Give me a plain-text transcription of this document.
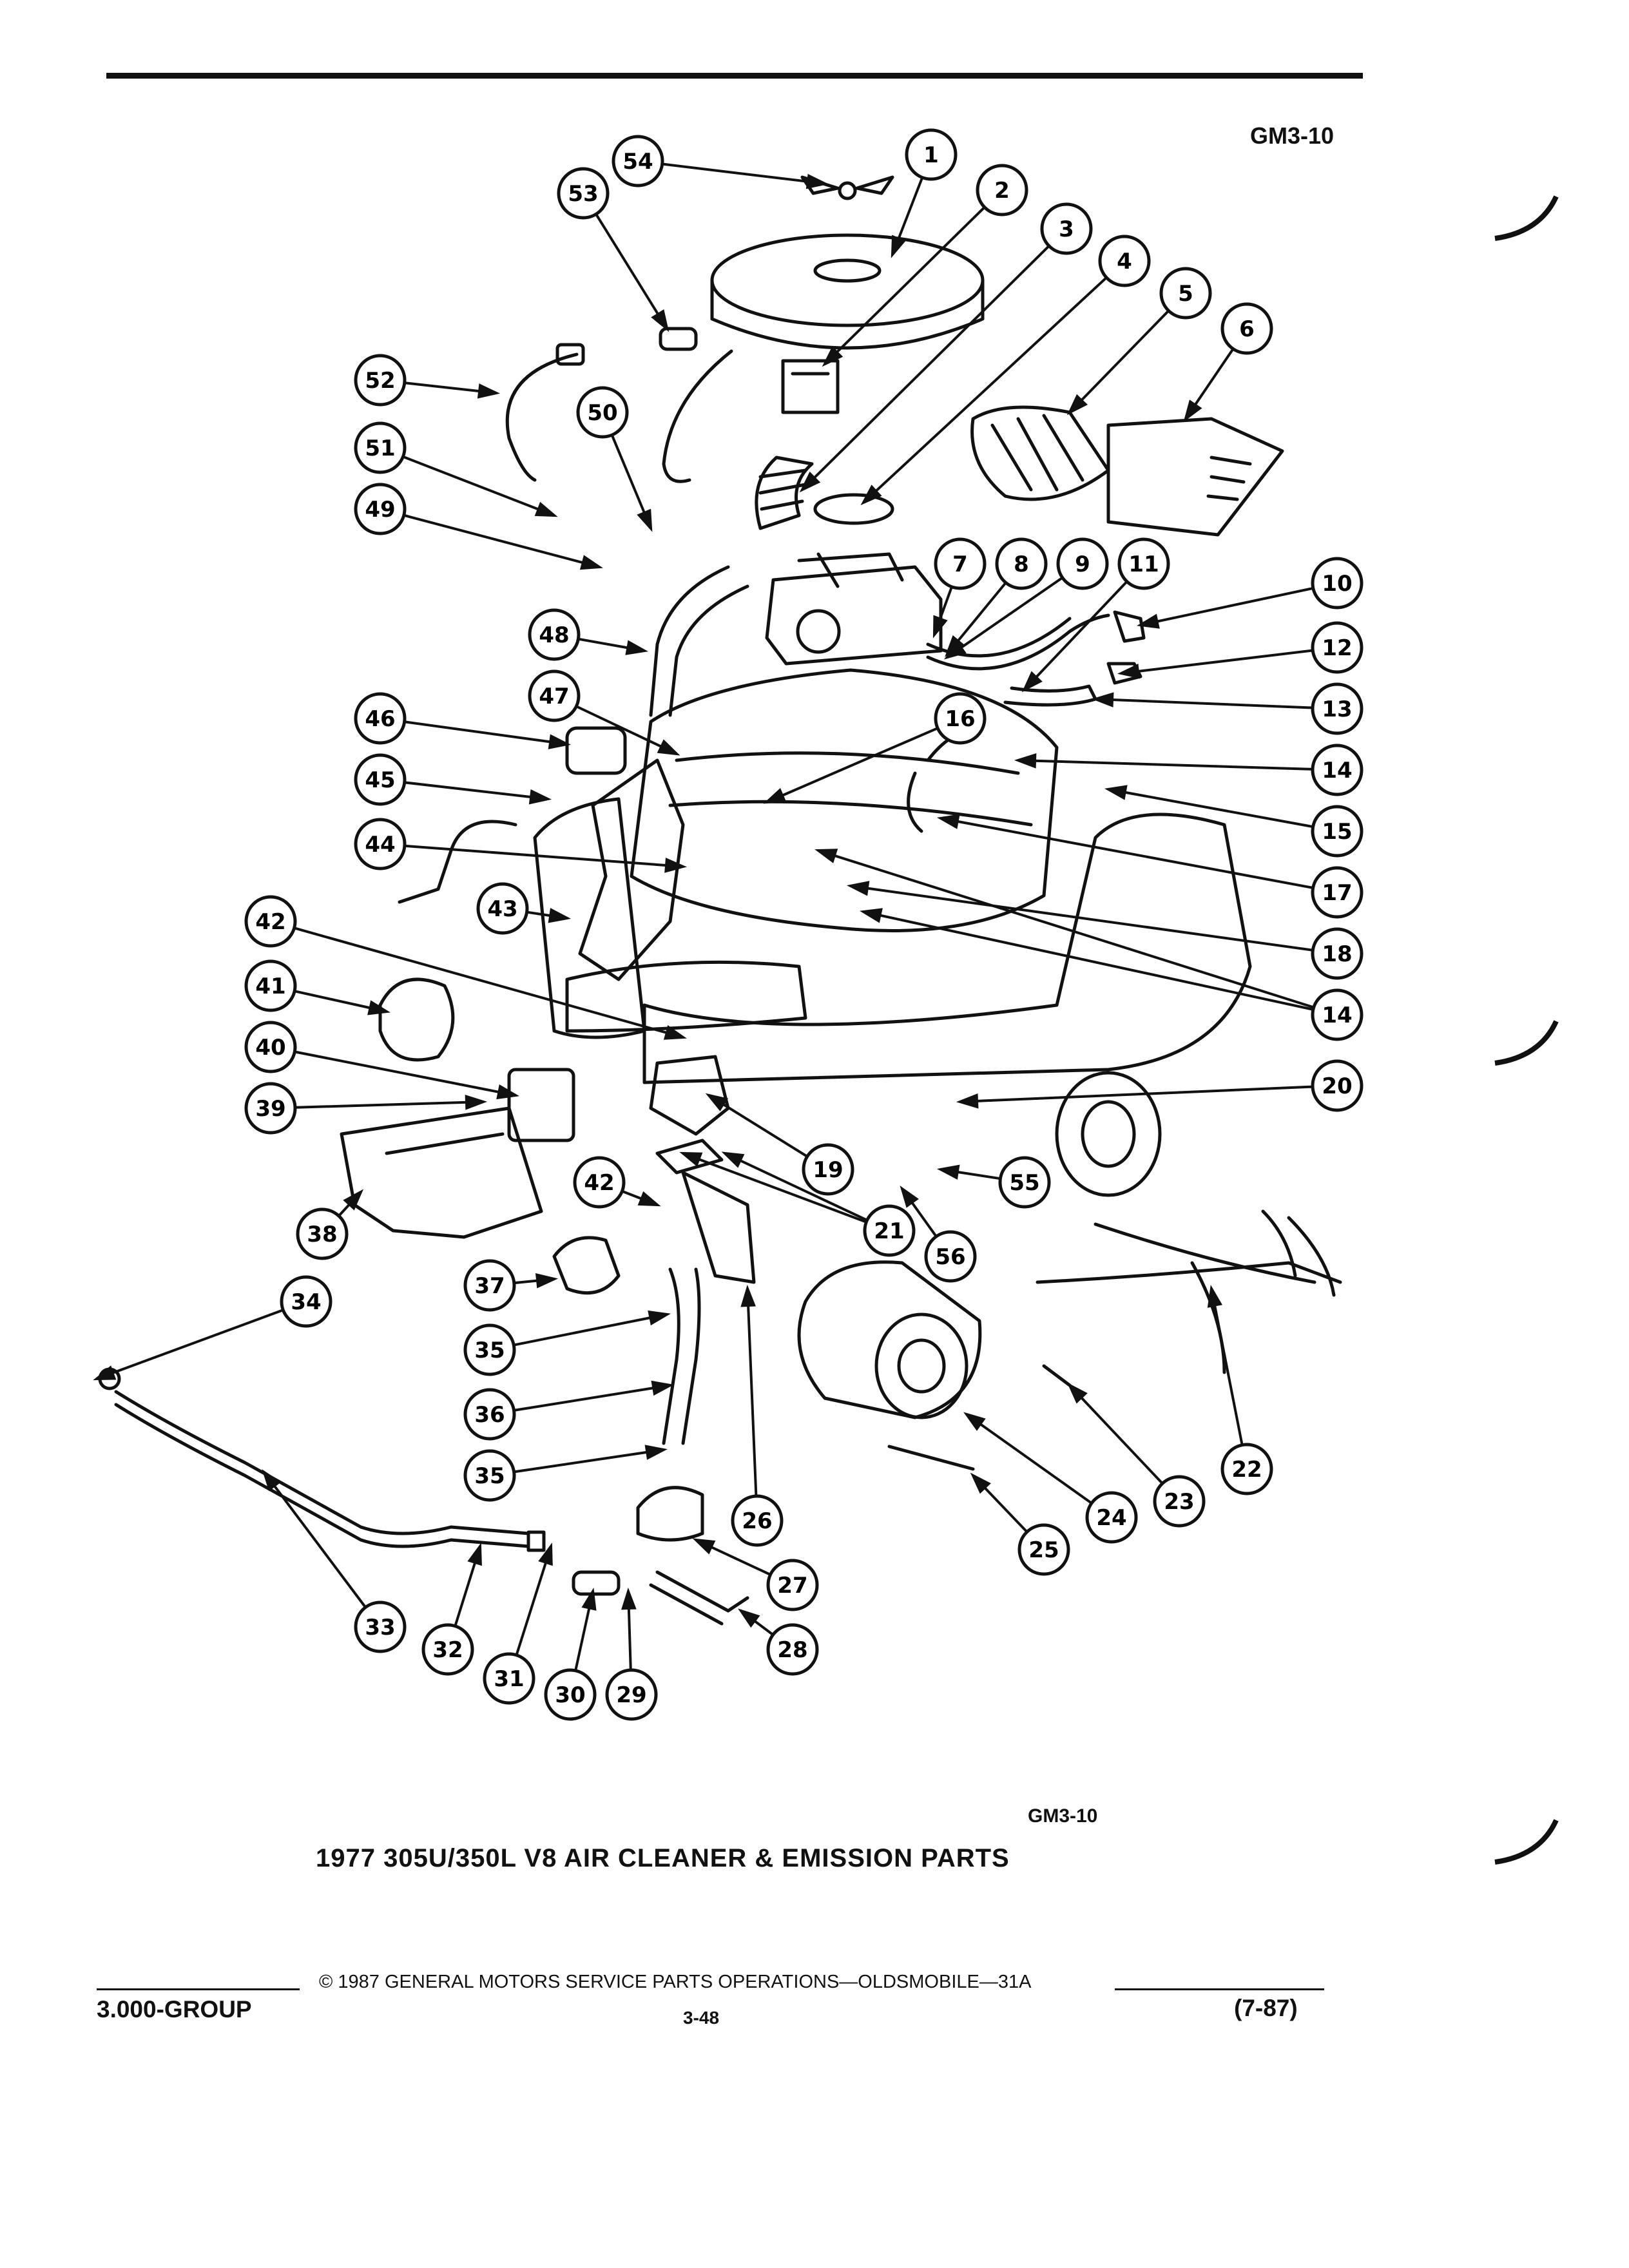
GM3-10
1
2
3
4
5
6
7 8 9
10
11
12
13
14
14
15
16
17
18
19
20
21
22
23
24
25
26
27
28
29
30
31
32
33
34
35
35
36
37
38
39
40
41
42
42
43
44
45
46
47
48
49
50
51
52
53
54
55
56
GM3-10
1977 305U/350L V8 AIR CLEANER & EMISSION PARTS
© 1987 GENERAL MOTORS SERVICE PARTS OPERATIONS—OLDSMOBILE—31A
3.000-GROUP	3-48	(7-87)
